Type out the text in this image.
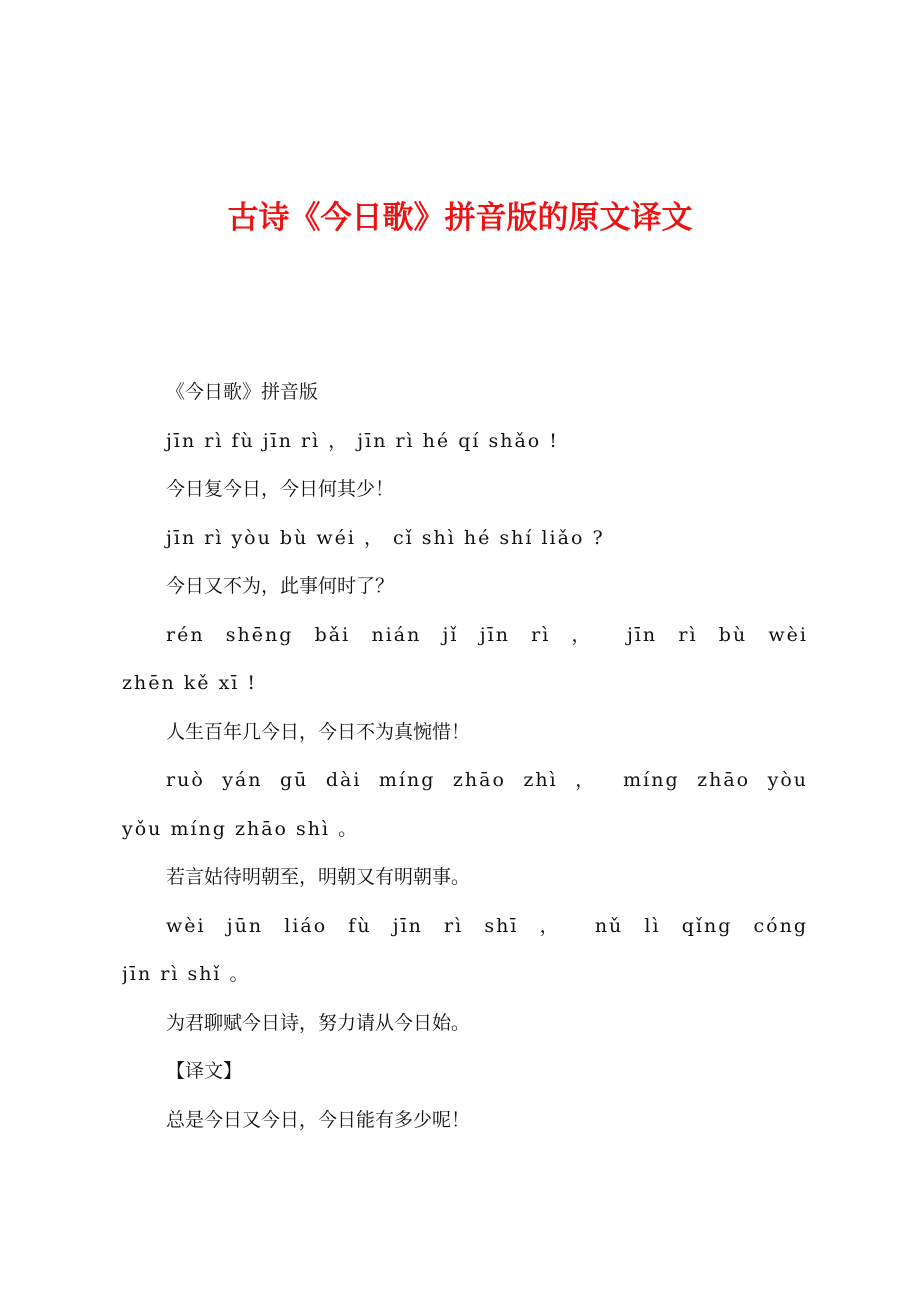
古诗《今日歌》拼音版的原文译文
《今日歌》拼音版
jīn rì fù jīn rì ， jīn rì hé qí shǎo !
今日复今日，今日何其少！
jīn rì yòu bù wéi ， cǐ shì hé shí liǎo ?
今日又不为，此事何时了？
rén shēng bǎi nián jǐ jīn rì ， jīn rì bù wèi
zhēn kě xī !
人生百年几今日，今日不为真惋惜！
ruò yán gū dài míng zhāo zhì ， míng zhāo yòu
yǒu míng zhāo shì 。
若言姑待明朝至，明朝又有明朝事。
wèi jūn liáo fù jīn rì shī ， nǔ lì qǐng cóng
jīn rì shǐ 。
为君聊赋今日诗，努力请从今日始。
【译文】
总是今日又今日，今日能有多少呢！
